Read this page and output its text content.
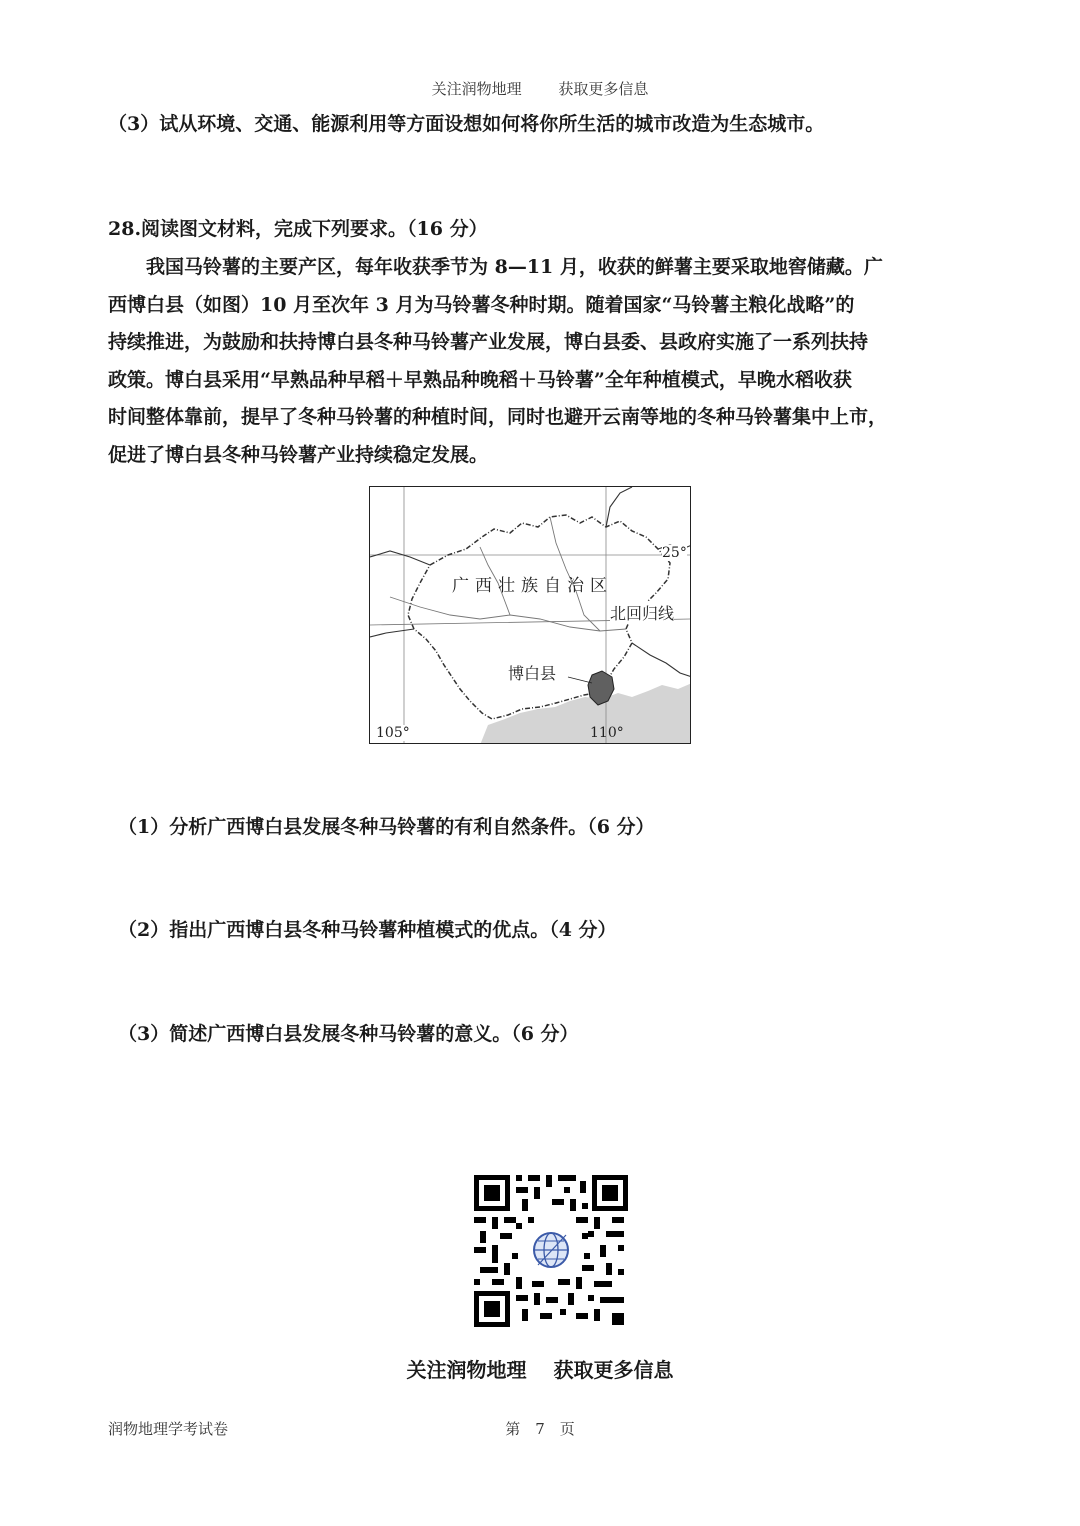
关注润物地理 获取更多信息
（3）试从环境、交通、能源利用等方面设想如何将你所生活的城市改造为生态城市。
28.阅读图文材料，完成下列要求。（16 分）
我国马铃薯的主要产区，每年收获季节为 8—11 月，收获的鲜薯主要采取地窖储藏。广
西博白县（如图）10 月至次年 3 月为马铃薯冬种时期。随着国家“马铃薯主粮化战略”的
持续推进，为鼓励和扶持博白县冬种马铃薯产业发展，博白县委、县政府实施了一系列扶持
政策。博白县采用“早熟品种早稻＋早熟品种晚稻＋马铃薯”全年种植模式，早晚水稻收获
时间整体靠前，提早了冬种马铃薯的种植时间，同时也避开云南等地的冬种马铃薯集中上市，
促进了博白县冬种马铃薯产业持续稳定发展。
广西壮族自治区
北回归线
博白县
25°
105°	110°
（1）分析广西博白县发展冬种马铃薯的有利自然条件。（6 分）
（2）指出广西博白县冬种马铃薯种植模式的优点。（4 分）
（3）简述广西博白县发展冬种马铃薯的意义。（6 分）
关注润物地理 获取更多信息
润物地理学考试卷	第　7　页
